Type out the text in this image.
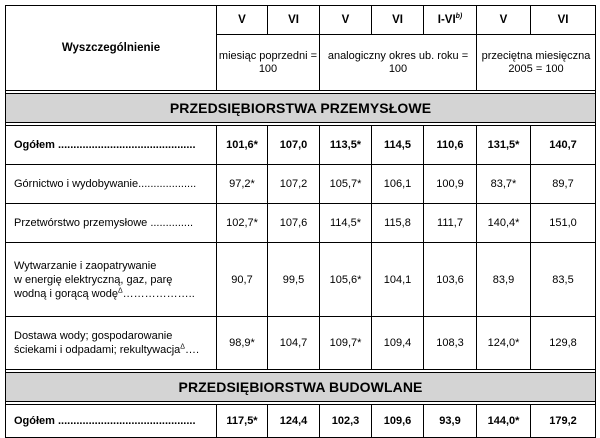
Wyszczególnienie	V	VI	V	VI	I-VI$^{b)}$	V	VI
	miesiąc poprzedni = 100		analogiczny okres ub. roku = 100			przeciętna miesięczna 2005 = 100	

PRZEDSIĘBIORSTWA PRZEMYSŁOWE							

Ogółem .............................................	101,6*	107,0	113,5*	114,5	110,6	131,5*	140,7
Górnictwo i wydobywanie...................	97,2*	107,2	105,7*	106,1	100,9	83,7*	89,7
Przetwórstwo przemysłowe ..............	102,7*	107,6	114,5*	115,8	111,7	140,4*	151,0
Wytwarzanie i zaopatrywanie
w energię elektryczną, gaz, parę
wodną i gorącą wodę$^\Delta$………………..	90,7	99,5	105,6*	104,1	103,6	83,9	83,5
Dostawa wody; gospodarowanie
ściekami i odpadami; rekultywacja$^\Delta$….	98,9*	104,7	109,7*	109,4	108,3	124,0*	129,8

PRZEDSIĘBIORSTWA BUDOWLANE							

Ogółem .............................................	117,5*	124,4	102,3	109,6	93,9	144,0*	179,2
